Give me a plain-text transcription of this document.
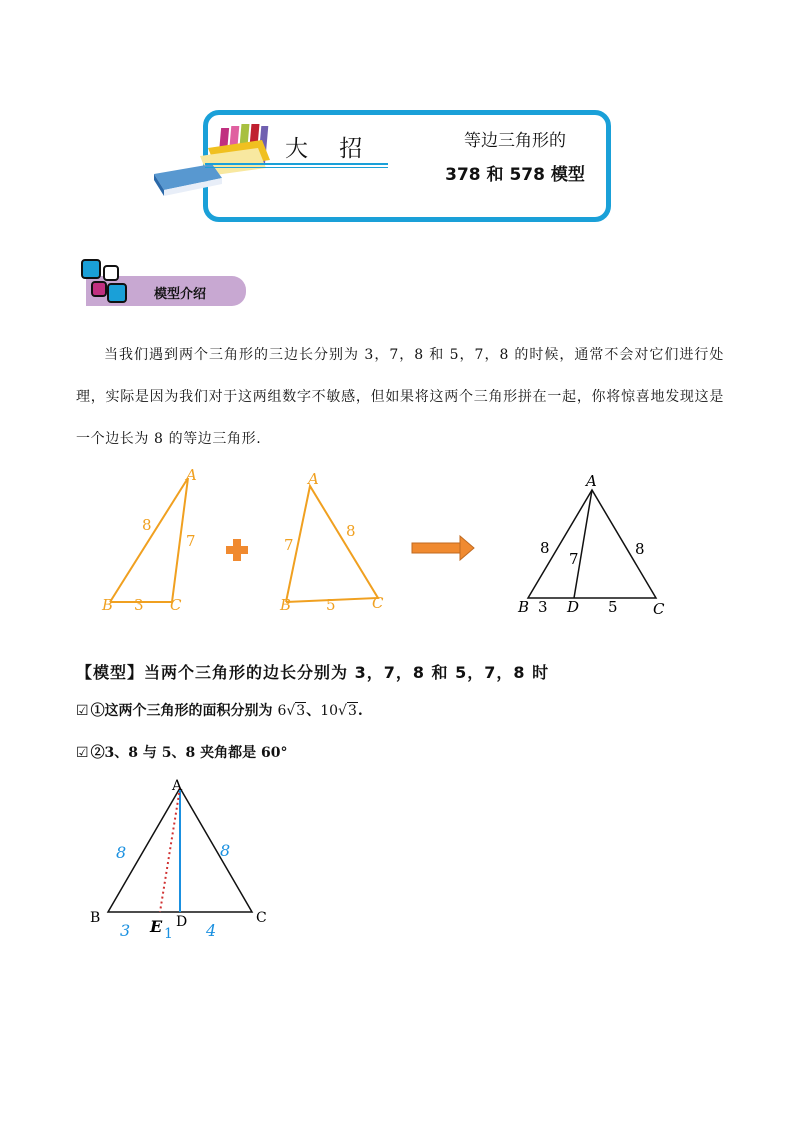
大 招	等边三角形的
378 和 578 模型
模型介绍
当我们遇到两个三角形的三边长分别为 3，7，8 和 5，7，8 的时候，通常不会对它们进行处理，实际是因为我们对于这两组数字不敏感，但如果将这两个三角形拼在一起，你将惊喜地发现这是一个边长为 8 的等边三角形.
A
B	C
8
7
3
A
B	C
7
8
5
A
B	C
D
8
7
8
3	5
【模型】当两个三角形的边长分别为 3，7，8 和 5，7，8 时
☑ ①这两个三角形的面积分别为 6√3、10√3.
☑ ②3、8 与 5、8 夹角都是 60°
A
B	C
D
E
8	8
3 1 4
